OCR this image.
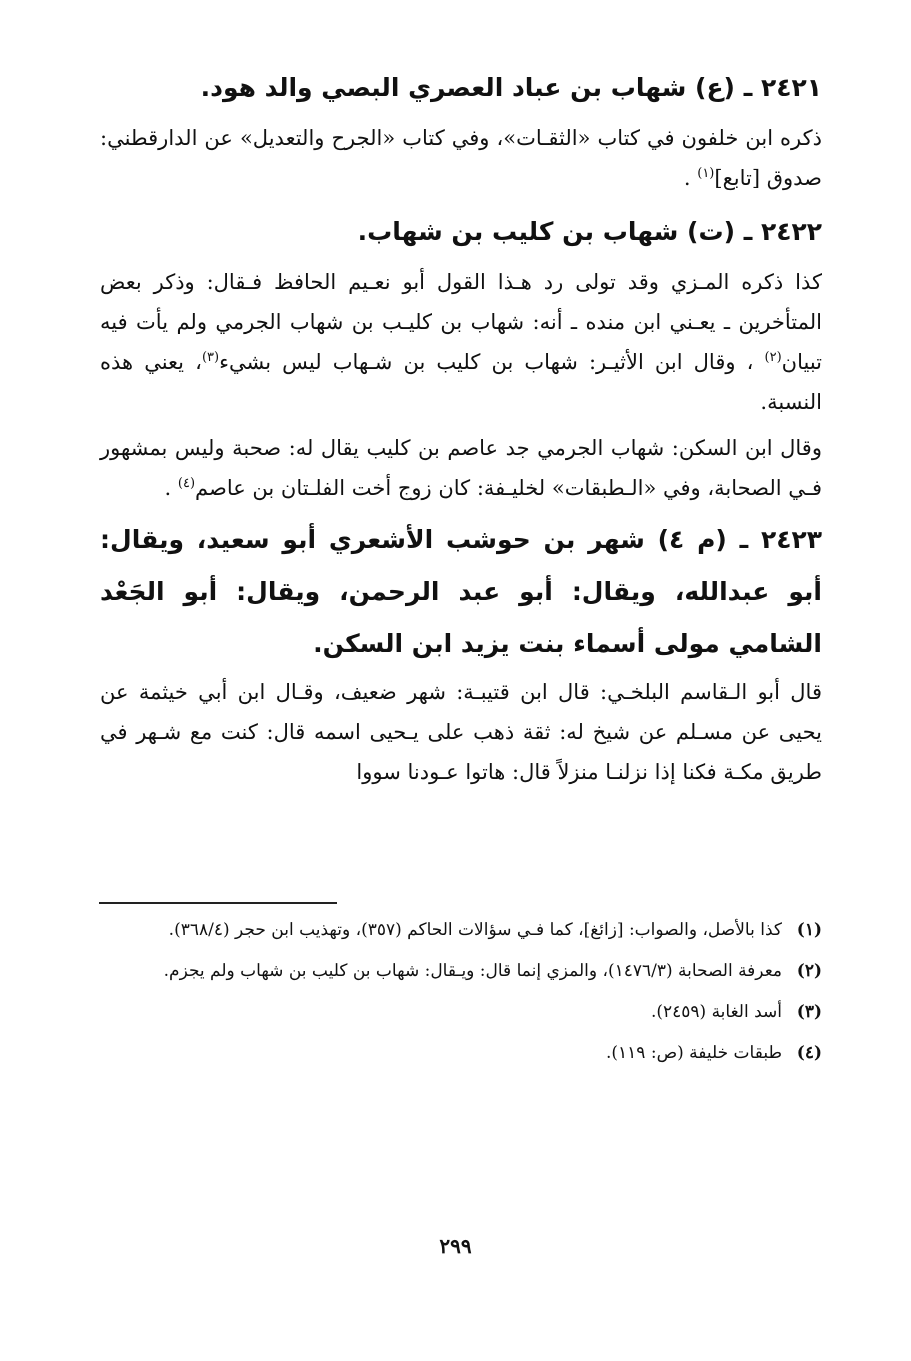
٢٤٢١ ـ (ع) شهاب بن عباد العصري البصي والد هود.

ذكره ابن خلفون في كتاب «الثقـات»، وفي كتاب «الجرح والتعديل» عن الدارقطني: صدوق [تابع]$^{(١)}$ .

٢٤٢٢ ـ (ت) شهاب بن كليب بن شهاب.

كذا ذكره المـزي وقد تولى رد هـذا القول أبو نعـيم الحافظ فـقال: وذكر بعض المتأخرين ـ يعـني ابن منده ـ أنه: شهاب بن كليـب بن شهاب الجرمي ولم يأت فيه تبيان$^{(٢)}$ ، وقال ابن الأثيـر: شهاب بن كليب بن شـهاب ليس بشيء$^{(٣)}$، يعني هذه النسبة.

وقال ابن السكن: شهاب الجرمي جد عاصم بن كليب يقال له: صحبة وليس بمشهور فـي الصحابة، وفي «الـطبقات» لخليـفة: كان زوج أخت الفلـتان بن عاصم$^{(٤)}$ .

٢٤٢٣ ـ (م ٤) شهر بن حوشب الأشعري أبو سعيد، ويقال: أبو عبدالله، ويقال: أبو عبد الرحمن، ويقال: أبو الجَعْد الشامي مولى أسماء بنت يزيد ابن السكن.

قال أبو الـقاسم البلخـي: قال ابن قتيبـة: شهر ضعيف، وقـال ابن أبي خيثمة عن يحيى عن مسـلم عن شيخ له: ثقة ذهب على يـحيى اسمه قال: كنت مع شـهر في طريق مكـة فكنا إذا نزلنـا منزلاً قال: هاتوا عـودنا سووا

(١)
كذا بالأصل، والصواب: [زائغ]، كما فـي سؤالات الحاكم (٣٥٧)، وتهذيب ابن حجر (٣٦٨/٤).
(٢)
معرفة الصحابة (١٤٧٦/٣)، والمزي إنما قال: ويـقال: شهاب بن كليب بن شهاب ولم يجزم.
(٣)
أسد الغابة (٢٤٥٩).
(٤)
طبقات خليفة (ص: ١١٩).
٢٩٩
